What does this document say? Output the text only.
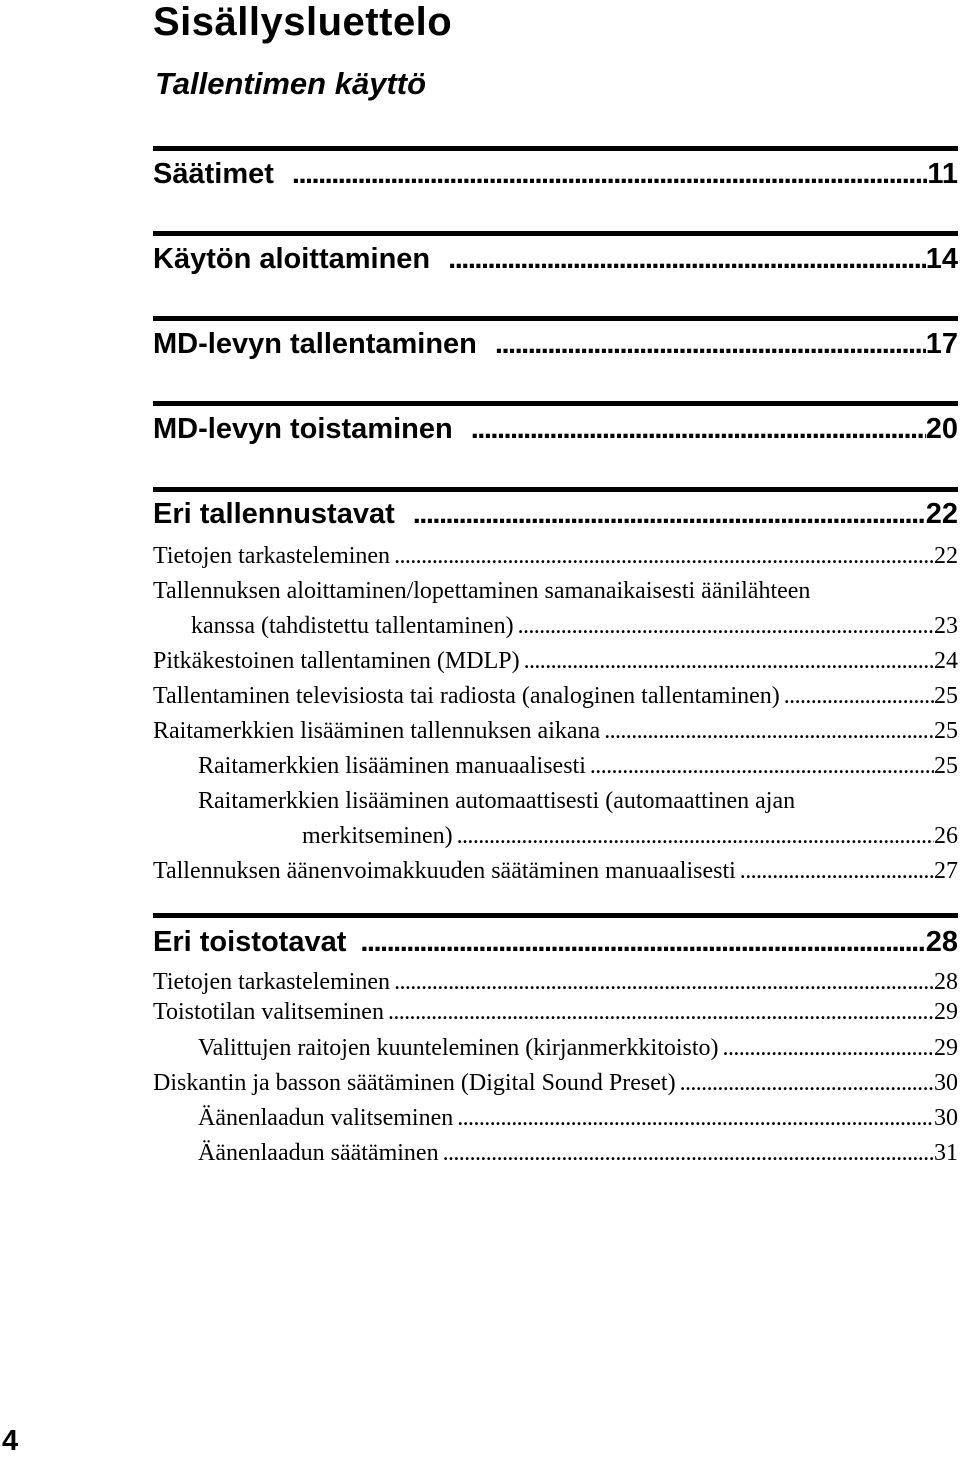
Sisällysluettelo
Tallentimen käyttö
Säätimet .....	11
Käytön aloittaminen .....	14
MD-levyn tallentaminen .....	17
MD-levyn toistaminen .....	20
Eri tallennustavat .....	22
Tietojen tarkasteleminen .....	22
Tallennuksen aloittaminen/lopettaminen samanaikaisesti äänilähteen
kanssa (tahdistettu tallentaminen) .....	23
Pitkäkestoinen tallentaminen (MDLP) .....	24
Tallentaminen televisiosta tai radiosta (analoginen tallentaminen) .....	25
Raitamerkkien lisääminen tallennuksen aikana .....	25
Raitamerkkien lisääminen manuaalisesti .....	25
Raitamerkkien lisääminen automaattisesti (automaattinen ajan
merkitseminen) .....	26
Tallennuksen äänenvoimakkuuden säätäminen manuaalisesti .....	27
Eri toistotavat .....	28
Tietojen tarkasteleminen .....	28
Toistotilan valitseminen .....	29
Valittujen raitojen kuunteleminen (kirjanmerkkitoisto) .....	29
Diskantin ja basson säätäminen (Digital Sound Preset) .....	30
Äänenlaadun valitseminen .....	30
Äänenlaadun säätäminen .....	31
4
